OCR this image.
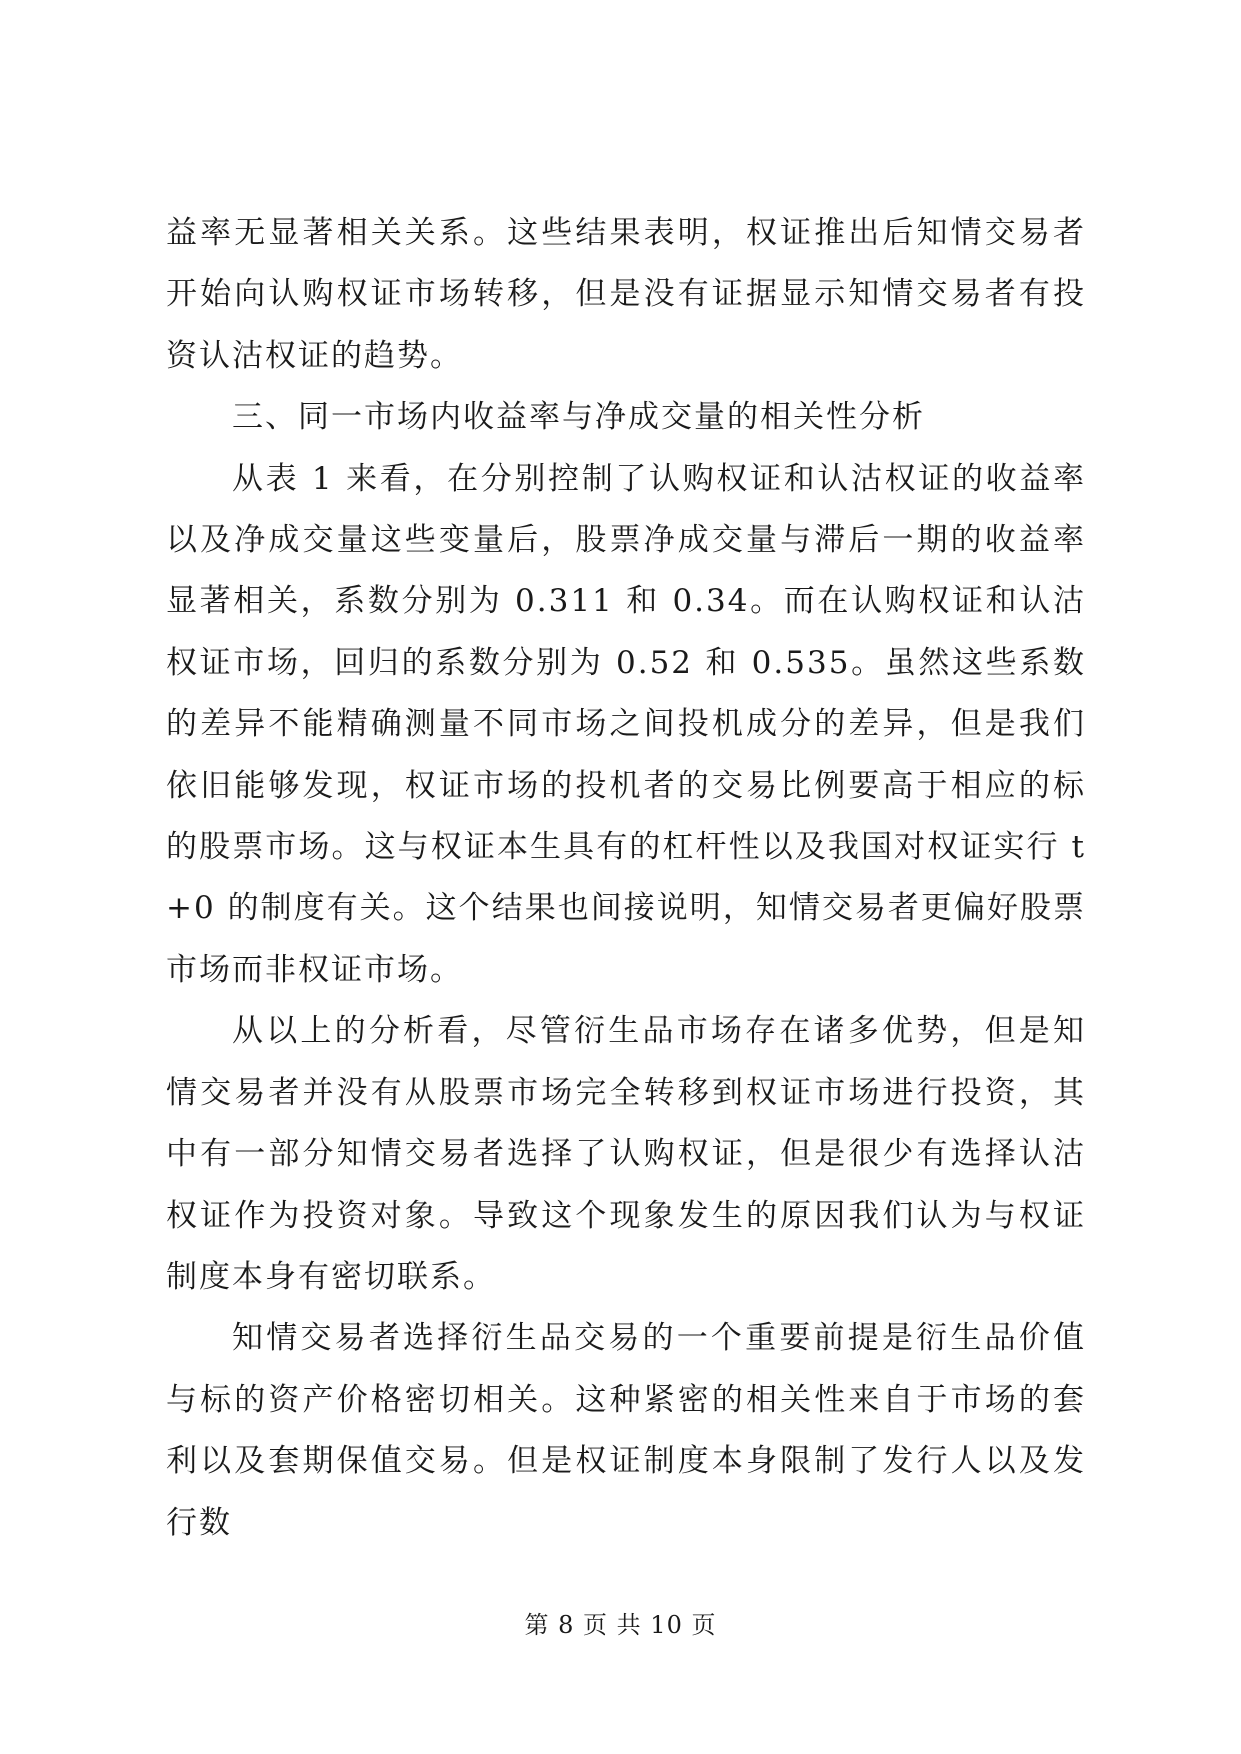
益率无显著相关关系。这些结果表明，权证推出后知情交易者开始向认购权证市场转移，但是没有证据显示知情交易者有投资认沽权证的趋势。

三、同一市场内收益率与净成交量的相关性分析

从表 1 来看，在分别控制了认购权证和认沽权证的收益率以及净成交量这些变量后，股票净成交量与滞后一期的收益率显著相关，系数分别为 0.311 和 0.34。而在认购权证和认沽权证市场，回归的系数分别为 0.52 和 0.535。虽然这些系数的差异不能精确测量不同市场之间投机成分的差异，但是我们依旧能够发现，权证市场的投机者的交易比例要高于相应的标的股票市场。这与权证本生具有的杠杆性以及我国对权证实行 t+0 的制度有关。这个结果也间接说明，知情交易者更偏好股票市场而非权证市场。

从以上的分析看，尽管衍生品市场存在诸多优势，但是知情交易者并没有从股票市场完全转移到权证市场进行投资，其中有一部分知情交易者选择了认购权证，但是很少有选择认沽权证作为投资对象。导致这个现象发生的原因我们认为与权证制度本身有密切联系。

知情交易者选择衍生品交易的一个重要前提是衍生品价值与标的资产价格密切相关。这种紧密的相关性来自于市场的套利以及套期保值交易。但是权证制度本身限制了发行人以及发行数

第 8 页 共 10 页
